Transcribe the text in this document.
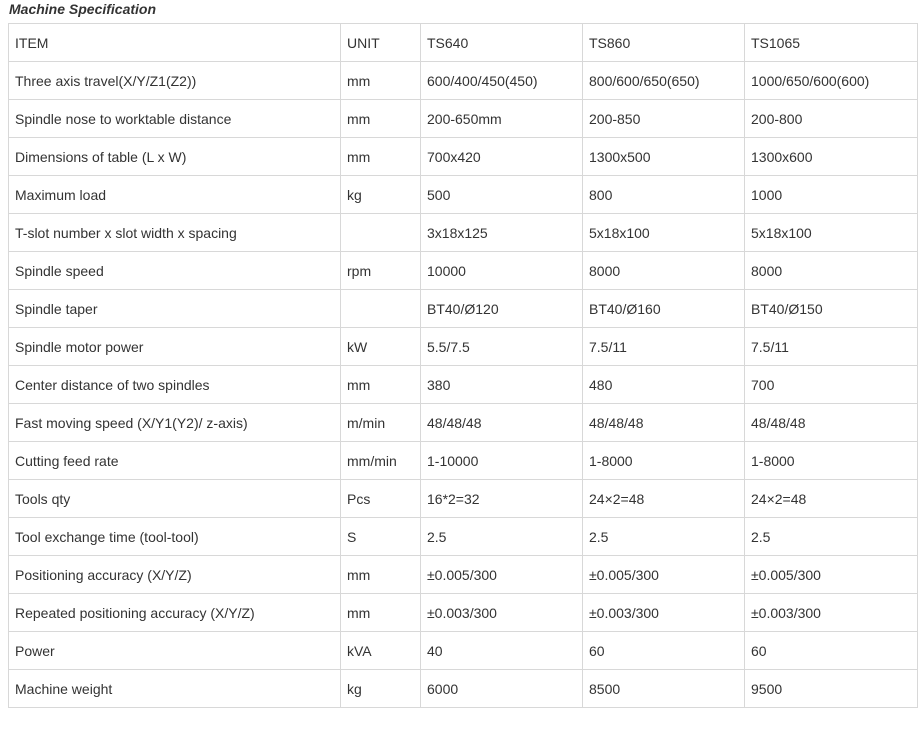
Machine Specification
ITEM	UNIT	TS640	TS860	TS1065
Three axis travel(X/Y/Z1(Z2))	mm	600/400/450(450)	800/600/650(650)	1000/650/600(600)
Spindle nose to worktable distance	mm	200-650mm	200-850	200-800
Dimensions of table (L x W)	mm	700x420	1300x500	1300x600
Maximum load	kg	500	800	1000
T-slot number x slot width x spacing		3x18x125	5x18x100	5x18x100
Spindle speed	rpm	10000	8000	8000
Spindle taper		BT40/Ø120	BT40/Ø160	BT40/Ø150
Spindle motor power	kW	5.5/7.5	7.5/11	7.5/11
Center distance of two spindles	mm	380	480	700
Fast moving speed (X/Y1(Y2)/ z-axis)	m/min	48/48/48	48/48/48	48/48/48
Cutting feed rate	mm/min	1-10000	1-8000	1-8000
Tools qty	Pcs	16*2=32	24×2=48	24×2=48
Tool exchange time (tool-tool)	S	2.5	2.5	2.5
Positioning accuracy (X/Y/Z)	mm	±0.005/300	±0.005/300	±0.005/300
Repeated positioning accuracy (X/Y/Z)	mm	±0.003/300	±0.003/300	±0.003/300
Power	kVA	40	60	60
Machine weight	kg	6000	8500	9500
